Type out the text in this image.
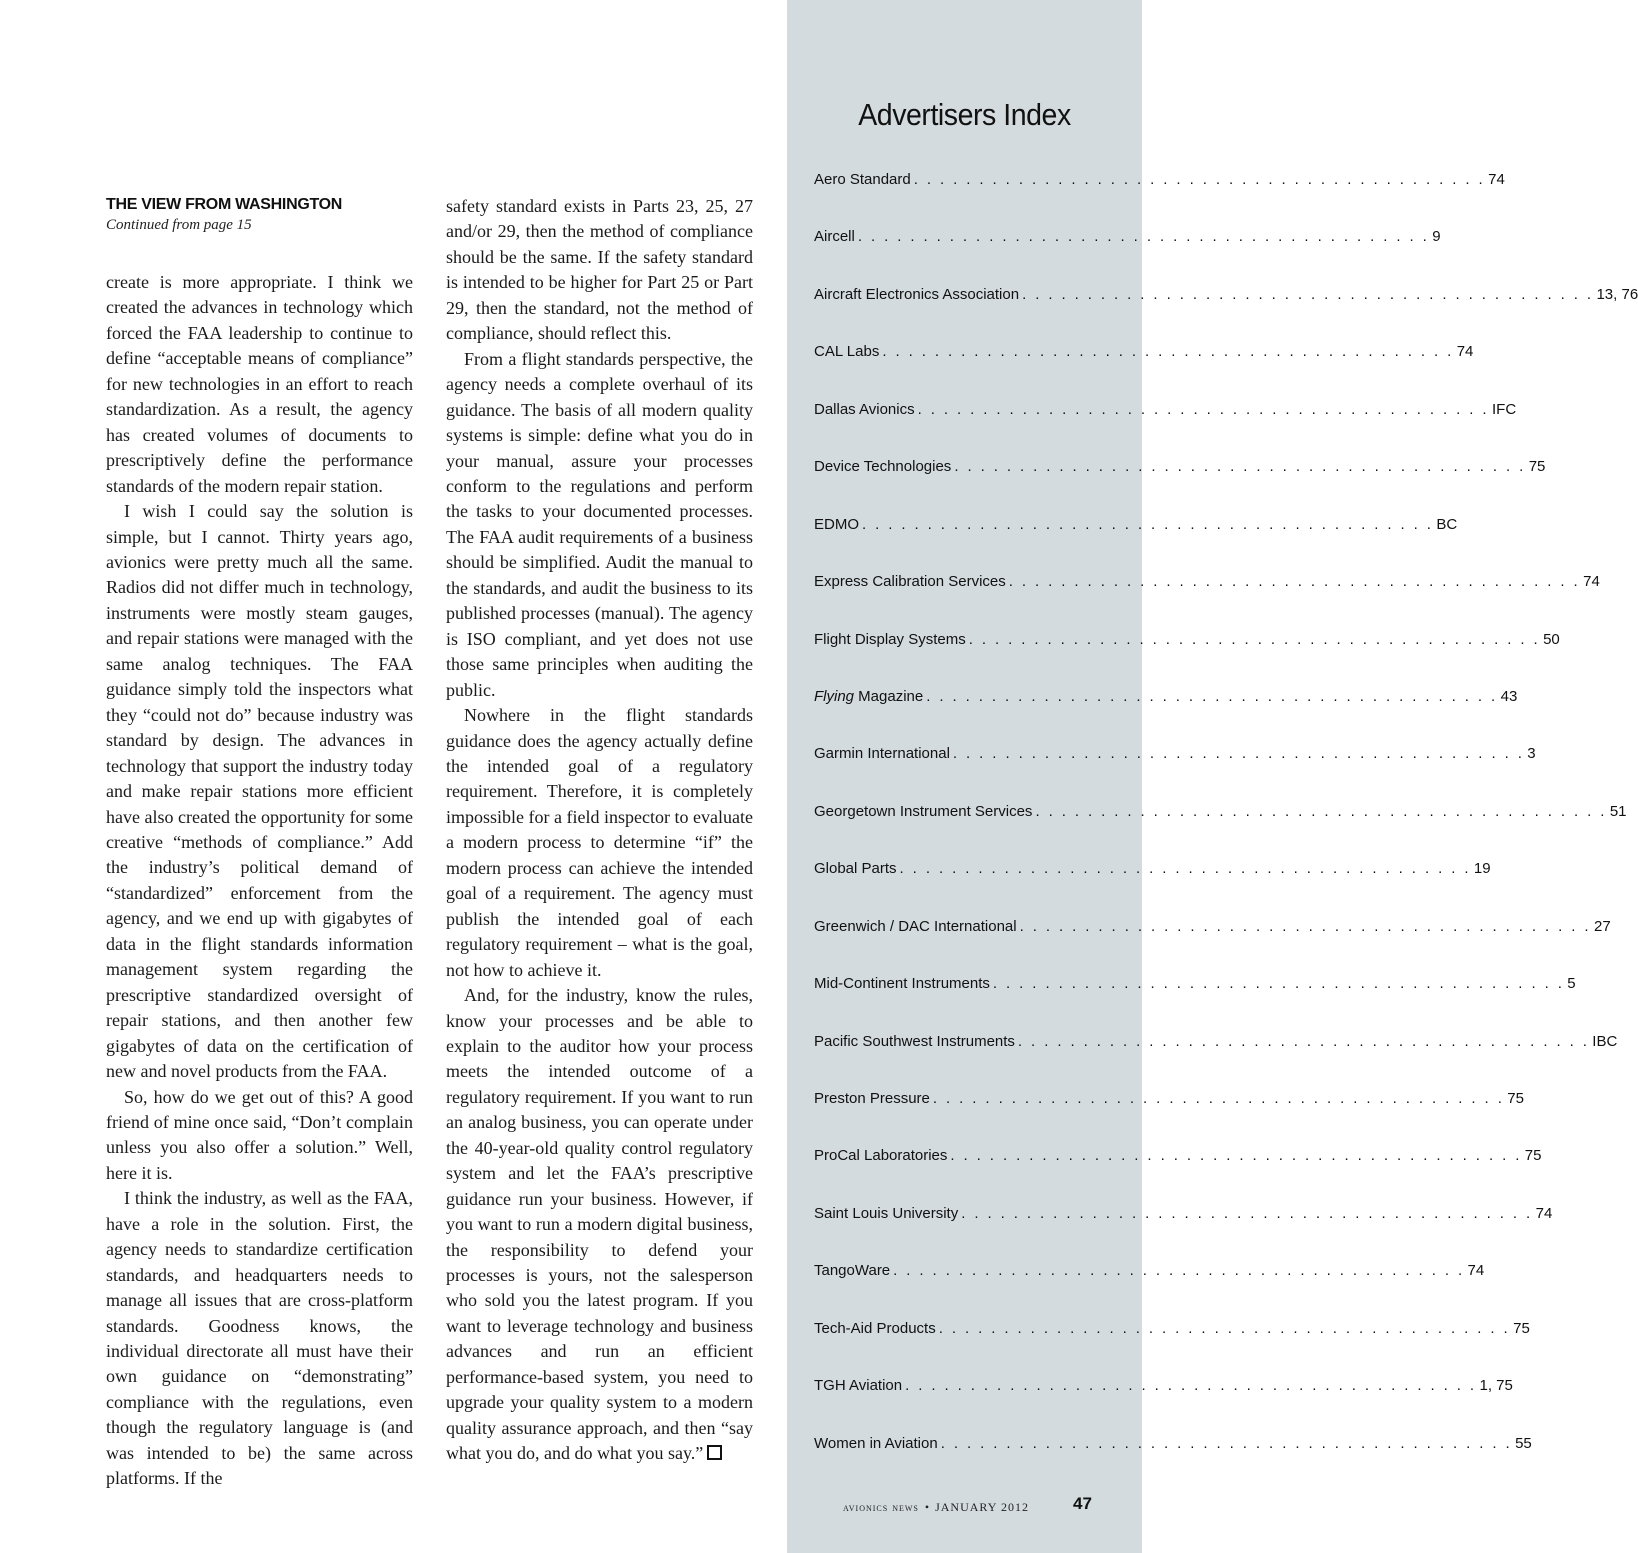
THE VIEW FROM WASHINGTON
Continued from page 15

create is more appropriate. I think we created the advances in technology which forced the FAA leadership to continue to define “acceptable means of compliance” for new technologies in an effort to reach standardization. As a result, the agency has created volumes of documents to prescriptively define the performance standards of the modern repair station.

I wish I could say the solution is simple, but I cannot. Thirty years ago, avionics were pretty much all the same. Radios did not differ much in technology, instruments were mostly steam gauges, and repair stations were managed with the same analog techniques. The FAA guidance simply told the inspectors what they “could not do” because industry was standard by design. The advances in technology that support the industry today and make repair stations more efficient have also created the opportunity for some creative “methods of compliance.” Add the industry’s political demand of “standardized” enforcement from the agency, and we end up with gigabytes of data in the flight standards information management system regarding the prescriptive standardized oversight of repair stations, and then another few gigabytes of data on the certification of new and novel products from the FAA.

So, how do we get out of this? A good friend of mine once said, “Don’t complain unless you also offer a solution.” Well, here it is.

I think the industry, as well as the FAA, have a role in the solution. First, the agency needs to standardize certification standards, and headquarters needs to manage all issues that are cross-platform standards. Goodness knows, the individual directorate all must have their own guidance on “demonstrating” compliance with the regulations, even though the regulatory language is (and was intended to be) the same across platforms. If the

safety standard exists in Parts 23, 25, 27 and/or 29, then the method of compliance should be the same. If the safety standard is intended to be higher for Part 25 or Part 29, then the standard, not the method of compliance, should reflect this.

From a flight standards perspective, the agency needs a complete overhaul of its guidance. The basis of all modern quality systems is simple: define what you do in your manual, assure your processes conform to the regulations and perform the tasks to your documented processes. The FAA audit requirements of a business should be simplified. Audit the manual to the standards, and audit the business to its published processes (manual). The agency is ISO compliant, and yet does not use those same principles when auditing the public.

Nowhere in the flight standards guidance does the agency actually define the intended goal of a regulatory requirement. Therefore, it is completely impossible for a field inspector to evaluate a modern process to determine “if” the modern process can achieve the intended goal of a requirement. The agency must publish the intended goal of each regulatory requirement – what is the goal, not how to achieve it.

And, for the industry, know the rules, know your processes and be able to explain to the auditor how your process meets the intended outcome of a regulatory requirement. If you want to run an analog business, you can operate under the 40-year-old quality control regulatory system and let the FAA’s prescriptive guidance run your business. However, if you want to run a modern digital business, the responsibility to defend your processes is yours, not the salesperson who sold you the latest program. If you want to leverage technology and business advances and run an efficient performance-based system, you need to upgrade your quality system to a modern quality assurance approach, and then “say what you do, and do what you say.”

Advertisers Index
Aero Standard . . . . . . . . . . . . . . . . . . . . . . . . . . . . . . . . . . . . . . . . . . . . 74
Aircell . . . . . . . . . . . . . . . . . . . . . . . . . . . . . . . . . . . . . . . . . . . . 9
Aircraft Electronics Association . . . . . . . . . . . . . . . . . . . . . . . . . . . . . . . . . . . . . . . . . . . . 13, 76
CAL Labs . . . . . . . . . . . . . . . . . . . . . . . . . . . . . . . . . . . . . . . . . . . . 74
Dallas Avionics . . . . . . . . . . . . . . . . . . . . . . . . . . . . . . . . . . . . . . . . . . . . IFC
Device Technologies . . . . . . . . . . . . . . . . . . . . . . . . . . . . . . . . . . . . . . . . . . . . 75
EDMO . . . . . . . . . . . . . . . . . . . . . . . . . . . . . . . . . . . . . . . . . . . . BC
Express Calibration Services . . . . . . . . . . . . . . . . . . . . . . . . . . . . . . . . . . . . . . . . . . . . 74
Flight Display Systems . . . . . . . . . . . . . . . . . . . . . . . . . . . . . . . . . . . . . . . . . . . . 50
Flying Magazine . . . . . . . . . . . . . . . . . . . . . . . . . . . . . . . . . . . . . . . . . . . . 43
Garmin International . . . . . . . . . . . . . . . . . . . . . . . . . . . . . . . . . . . . . . . . . . . . 3
Georgetown Instrument Services . . . . . . . . . . . . . . . . . . . . . . . . . . . . . . . . . . . . . . . . . . . . 51
Global Parts . . . . . . . . . . . . . . . . . . . . . . . . . . . . . . . . . . . . . . . . . . . . 19
Greenwich / DAC International . . . . . . . . . . . . . . . . . . . . . . . . . . . . . . . . . . . . . . . . . . . . 27
Mid-Continent Instruments . . . . . . . . . . . . . . . . . . . . . . . . . . . . . . . . . . . . . . . . . . . . 5
Pacific Southwest Instruments . . . . . . . . . . . . . . . . . . . . . . . . . . . . . . . . . . . . . . . . . . . . IBC
Preston Pressure . . . . . . . . . . . . . . . . . . . . . . . . . . . . . . . . . . . . . . . . . . . . 75
ProCal Laboratories . . . . . . . . . . . . . . . . . . . . . . . . . . . . . . . . . . . . . . . . . . . . 75
Saint Louis University . . . . . . . . . . . . . . . . . . . . . . . . . . . . . . . . . . . . . . . . . . . . 74
TangoWare . . . . . . . . . . . . . . . . . . . . . . . . . . . . . . . . . . . . . . . . . . . . 74
Tech-Aid Products . . . . . . . . . . . . . . . . . . . . . . . . . . . . . . . . . . . . . . . . . . . . 75
TGH Aviation . . . . . . . . . . . . . . . . . . . . . . . . . . . . . . . . . . . . . . . . . . . . 1, 75
Women in Aviation . . . . . . . . . . . . . . . . . . . . . . . . . . . . . . . . . . . . . . . . . . . . 55
avionics news • JANUARY 2012	47
